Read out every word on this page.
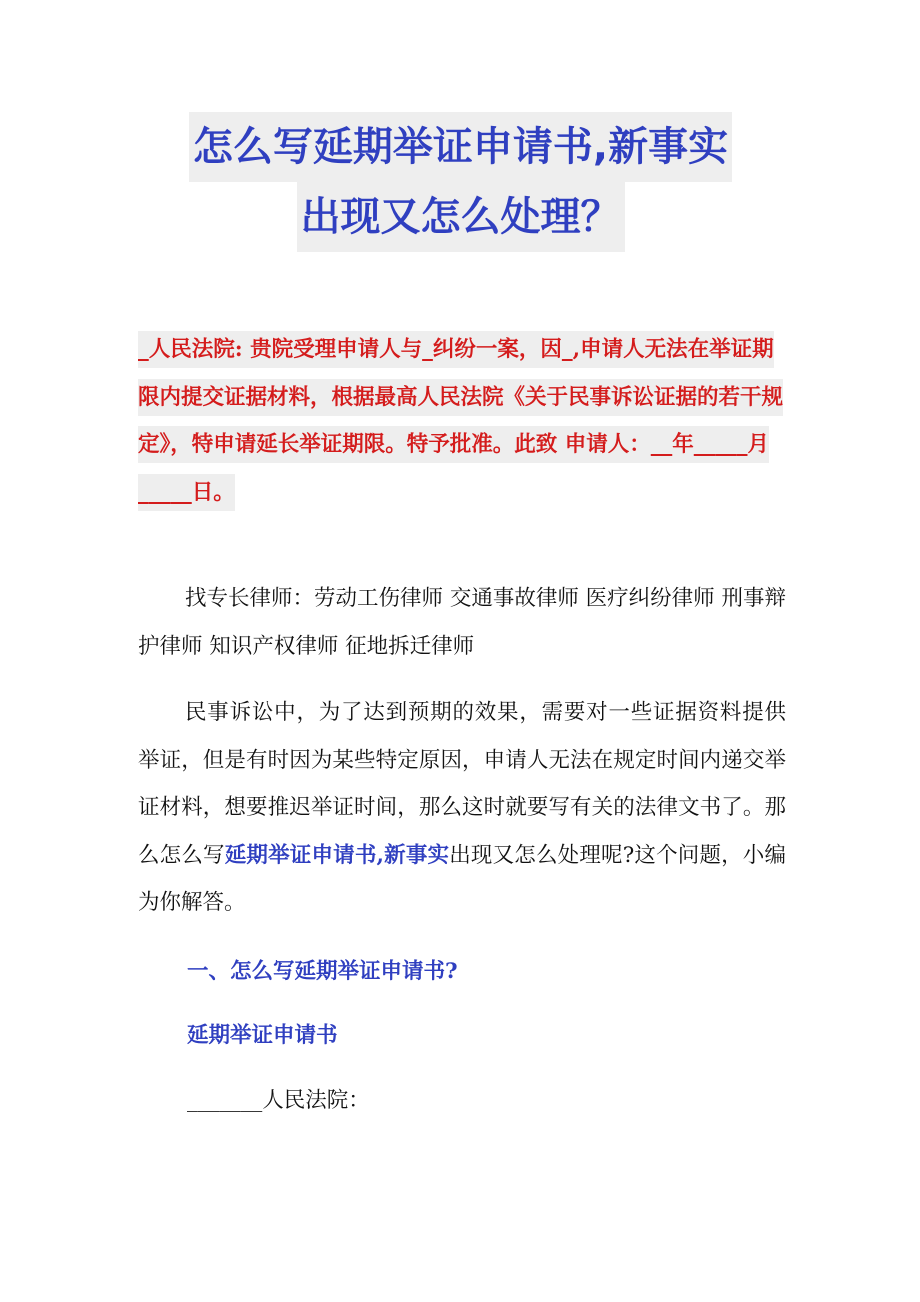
怎么写延期举证申请书,新事实
出现又怎么处理？
_人民法院: 贵院受理申请人与_纠纷一案，因_,申请人无法在举证期限内提交证据材料，根据最高人民法院《关于民事诉讼证据的若干规定》，特申请延长举证期限。特予批准。此致 申请人：__年_____月_____日。
找专长律师：劳动工伤律师 交通事故律师 医疗纠纷律师 刑事辩护律师 知识产权律师 征地拆迁律师
民事诉讼中，为了达到预期的效果，需要对一些证据资料提供举证，但是有时因为某些特定原因，申请人无法在规定时间内递交举证材料，想要推迟举证时间，那么这时就要写有关的法律文书了。那么怎么写延期举证申请书,新事实出现又怎么处理呢?这个问题，小编为你解答。
一、怎么写延期举证申请书?
延期举证申请书
_______人民法院：
